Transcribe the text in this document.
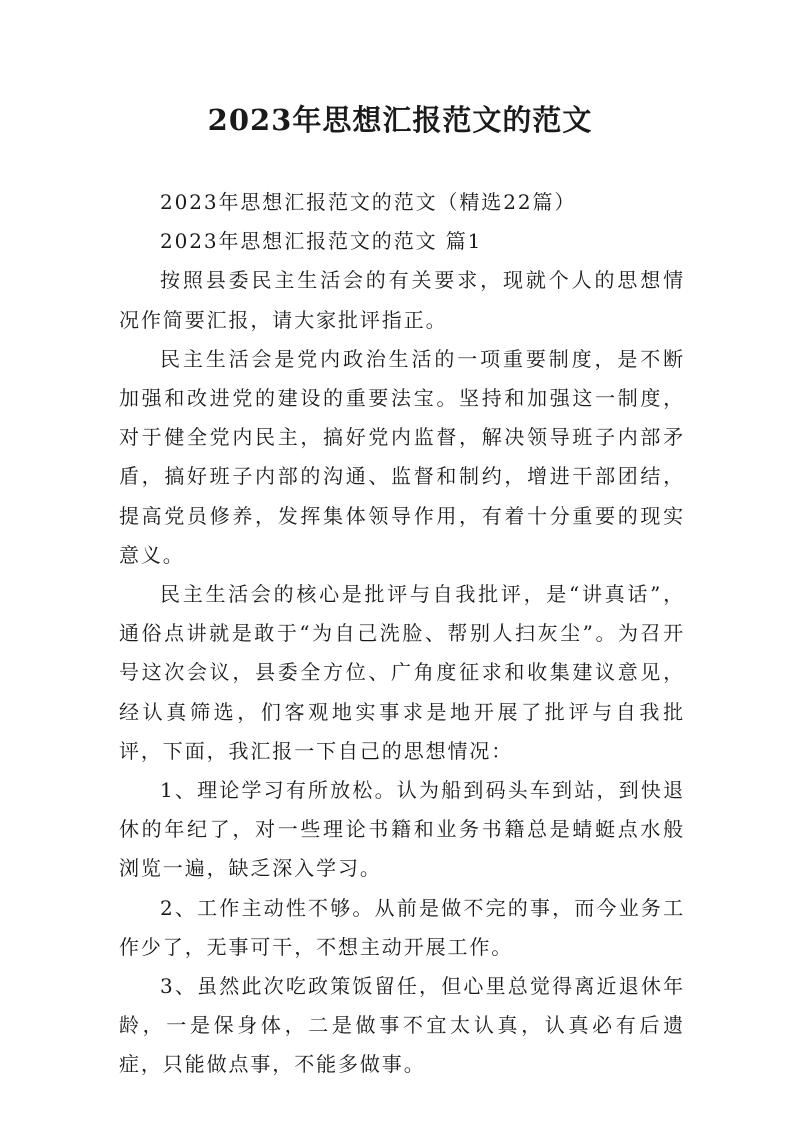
2023年思想汇报范文的范文

2023年思想汇报范文的范文（精选22篇）

2023年思想汇报范文的范文 篇1

按照县委民主生活会的有关要求，现就个人的思想情况作简要汇报，请大家批评指正。

民主生活会是党内政治生活的一项重要制度，是不断加强和改进党的建设的重要法宝。坚持和加强这一制度，对于健全党内民主，搞好党内监督，解决领导班子内部矛盾，搞好班子内部的沟通、监督和制约，增进干部团结，提高党员修养，发挥集体领导作用，有着十分重要的现实意义。

民主生活会的核心是批评与自我批评，是“讲真话”，通俗点讲就是敢于“为自己洗脸、帮别人扫灰尘”。为召开号这次会议，县委全方位、广角度征求和收集建议意见，经认真筛选，们客观地实事求是地开展了批评与自我批评，下面，我汇报一下自己的思想情况：

1、理论学习有所放松。认为船到码头车到站，到快退休的年纪了，对一些理论书籍和业务书籍总是蜻蜓点水般浏览一遍，缺乏深入学习。

2、工作主动性不够。从前是做不完的事，而今业务工作少了，无事可干，不想主动开展工作。

3、虽然此次吃政策饭留任，但心里总觉得离近退休年龄，一是保身体，二是做事不宜太认真，认真必有后遗症，只能做点事，不能多做事。
